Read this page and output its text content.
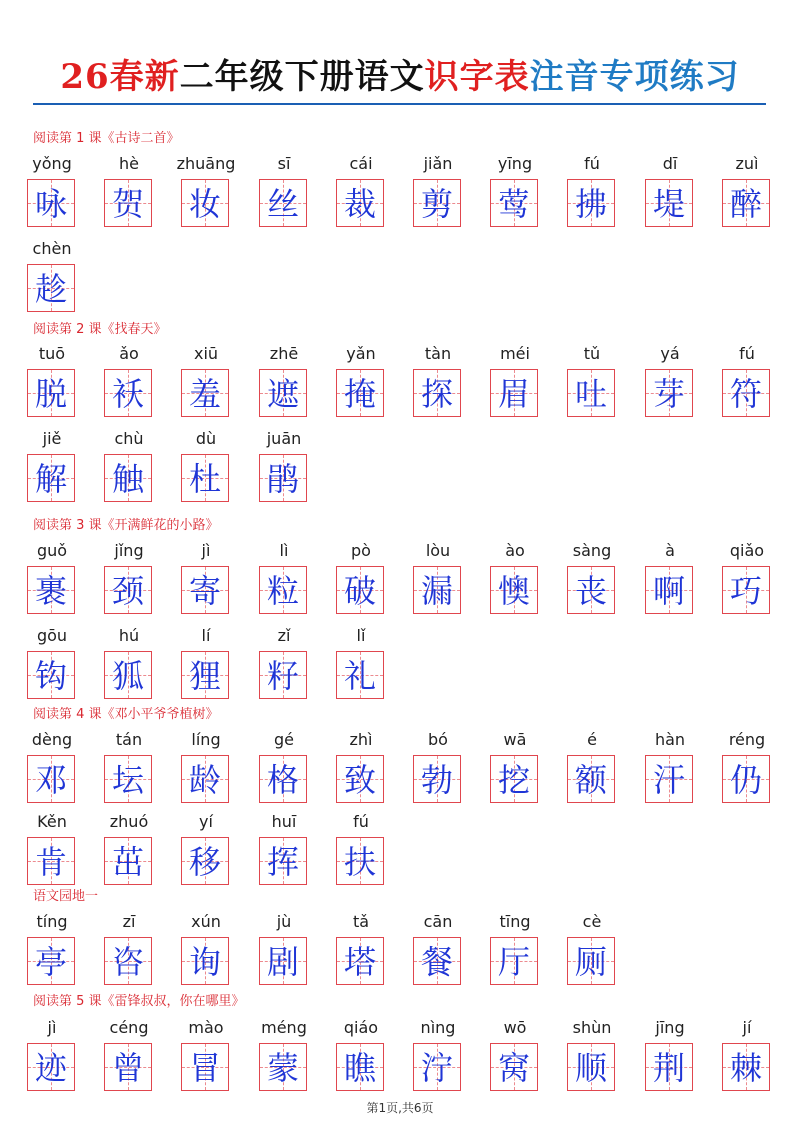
26春新二年级下册语文识字表注音专项练习
阅读第 1 课《古诗二首》
yǒng
咏
hè
贺
zhuāng
妆
sī
丝
cái
裁
jiǎn
剪
yīng
莺
fú
拂
dī
堤
zuì
醉
chèn
趁
阅读第 2 课《找春天》
tuō
脱
ǎo
袄
xiū
羞
zhē
遮
yǎn
掩
tàn
探
méi
眉
tǔ
吐
yá
芽
fú
符
jiě
解
chù
触
dù
杜
juān
鹃
阅读第 3 课《开满鲜花的小路》
guǒ
裹
jǐng
颈
jì
寄
lì
粒
pò
破
lòu
漏
ào
懊
sàng
丧
à
啊
qiǎo
巧
gōu
钩
hú
狐
lí
狸
zǐ
籽
lǐ
礼
阅读第 4 课《邓小平爷爷植树》
dèng
邓
tán
坛
líng
龄
gé
格
zhì
致
bó
勃
wā
挖
é
额
hàn
汗
réng
仍
Kěn
肯
zhuó
茁
yí
移
huī
挥
fú
扶
语文园地一
tíng
亭
zī
咨
xún
询
jù
剧
tǎ
塔
cān
餐
tīng
厅
cè
厕
阅读第 5 课《雷锋叔叔，你在哪里》
jì
迹
céng
曾
mào
冒
méng
蒙
qiáo
瞧
nìng
泞
wō
窝
shùn
顺
jīng
荆
jí
棘
第1页,共6页
